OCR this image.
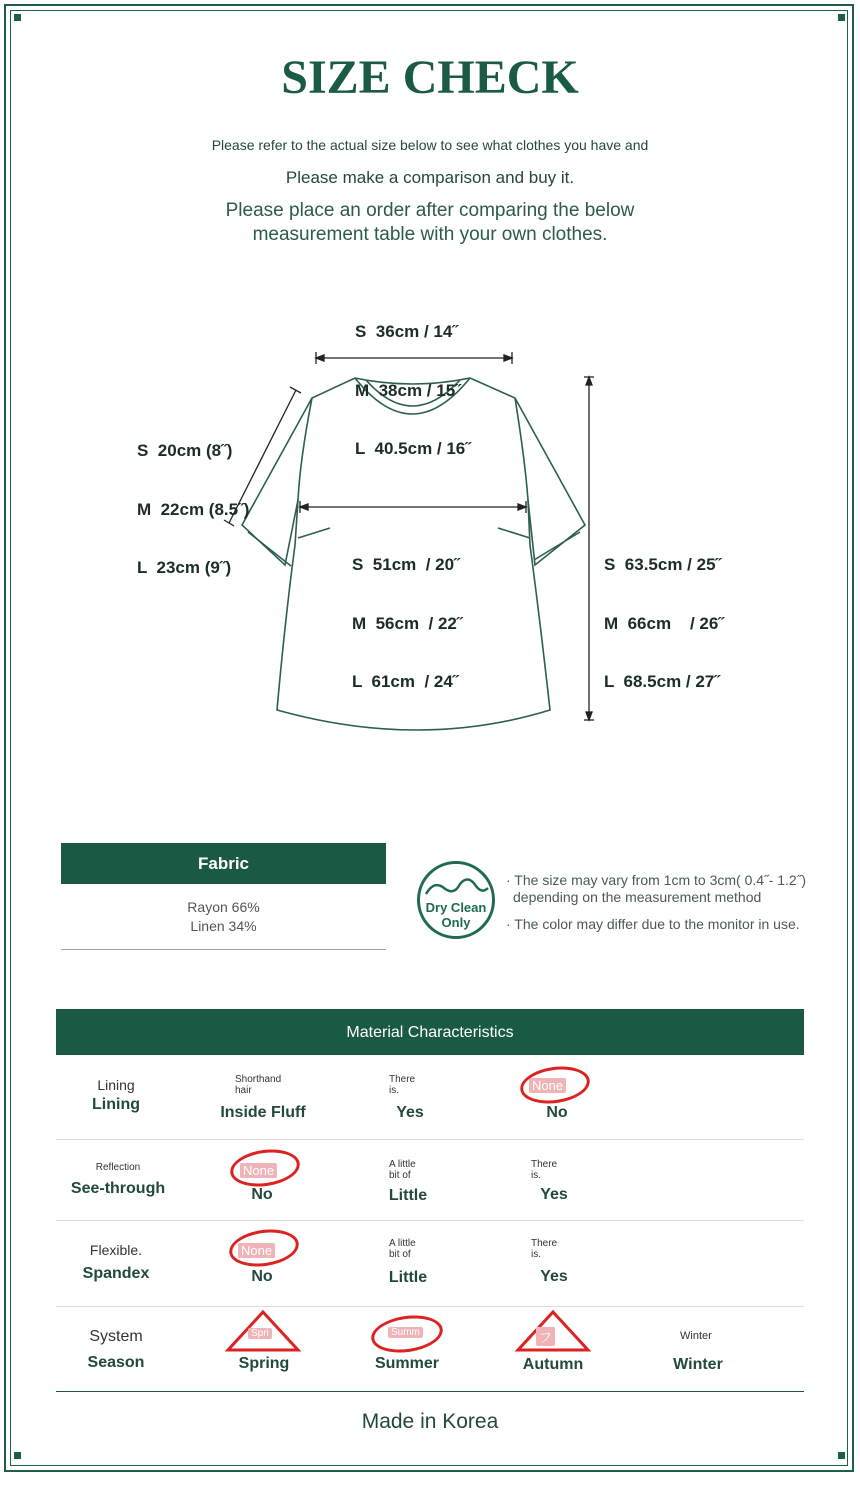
SIZE CHECK
Please refer to the actual size below to see what clothes you have and
Please make a comparison and buy it.
Please place an order after comparing the below
measurement table with your own clothes.

S  36cm / 14˝

M  38cm / 15˝

L  40.5cm / 16˝

S  20cm (8˝)

M  22cm (8.5˝)

L  23cm (9˝)

	S  51cm  / 20˝

M  56cm  / 22˝

L  61cm  / 24˝

S  63.5cm / 25˝

M  66cm    / 26˝

L  68.5cm / 27˝

Fabric
Rayon 66%
Linen 34%
Dry Clean
Only
· The size may vary from 1cm to 3cm( 0.4˝- 1.2˝)
depending on the measurement method
· The color may differ due to the monitor in use.
Material Characteristics
Lining
Lining
Shorthand
hair
Inside Fluff
There
is.
Yes
None
No
Reflection
See-through
None
No
A little
bit of
Little
There
is.
Yes
Flexible.
Spandex
None
No
A little
bit of
Little
There
is.
Yes
System
Season
Spri
Spring
Summ
Summer
フ
Autumn
Winter
Winter
Made in Korea
